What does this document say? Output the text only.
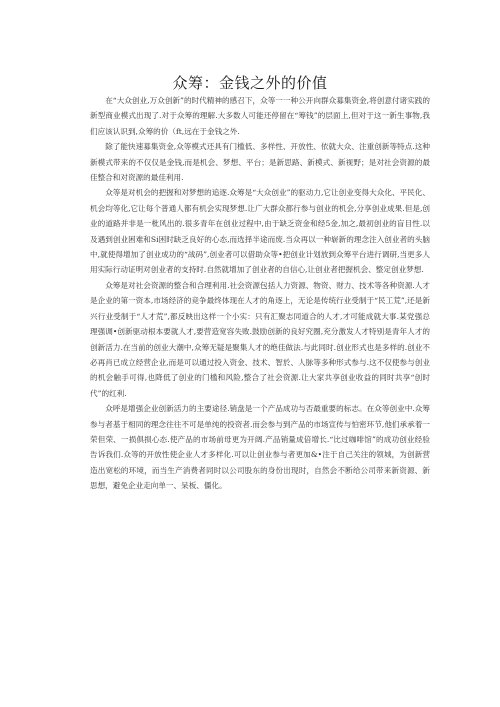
众筹：金钱之外的价值

在“大众创业,万众创新”的时代精神的感召下，众等一一种公开向群众募集资金,将创意付诸实践的新型商业模式出现了.对于众筹的理解.大多数人可能还停留在“筹钱”的层面上,但对于这一新生事物,我们应该认识到,众筹的价（ft,远在于金钱之外.

除了能快速募集资金,众等模式还具有门槛低、多样性、开放性、依就大众、注重创新等特点.这种新模式带来的不仅仅是金钱,而是机会、梦想、平台；是新思路、新模式、新视野；是对社会资源的最佳整合和对资源的最佳利用.

众等是对机会的把握和对梦想的追逐.众筹是“大众创业”的驱动力,它让创业变得大众化、平民化、机会均等化,它让每个普通人都有机会实现梦想.让广大群众都行参与创业的机会,分享创业成果.但是,创业的道路并非是一枇风出的.很多青年在创业过程中,由于缺乏资金和经5金,加之,最初创业的盲目性.以及遇到创业困难和Si困时缺乏良好的心态,而选择半途而废.当众再以一种崭新的理念注入创业者的头脑中,就使得增加了创业成功的“战码”,创业者可以借助众等•把创业计划放到众筹平台进行调研,当更多人用实际行动证明对创业者的支持时.自然就增加了创业者的自信心,让创业者把握机会、整定创业梦想.

众筹是对社会资源的整合和合理利用.社会资源包括人力资源、物资、财力、技术等各种资源.人才是企业的第一资本,市场经济的竞争最终体现在人才的角逐上，无论是传统行业受制于“民工荒”,还是新兴行业受制于“人才荒”,都反映出这样一个小实：只有汇聚志同道合的人才,才可能成就大事.某党强总理强调•创新驱动根本要就人才,要营造宽容失败.鼓励创新的良好究圈,充分激发人才特别是青年人才的创新活力.在当前的创业大潮中,众筹无疑是聚集人才的绝佳做法.与此同时.创业形式也是多样的.创业不必再肖已成立经营企业,而是可以通过投入资金、技术、智於、人脉等多种形式参与.这不仅使参与创业的机会触手可得,也降低了创业的门槛和风险,整合了社会资源.让大家共享创业收益的同时共享“创时代”的红利.

众呼是增强企业创新活力的主要途径.销盘是一个产品成功与否最重要的标志。在众等创业中.众筹参与者基于相同的理念往往不可是单纯的投资者.而会参与到产品的市场宣传与怕密环节,他们承承着一荣但荣、一损俱损心态.使产品的市场前母更为开阔.产品销量成倍增长.“比过咖啡馆”的成功创业经验告诉我们.众等的开放性使企业人才多样化.可以让创业参与者更加&•注于自己关注的领城，为创新营造出宽松的环境，而当生产消费者同时以公司股东的身份出现时，自然会不断给公司带来新资源、新思想，避免企业走向单一、呆板、僵化。
